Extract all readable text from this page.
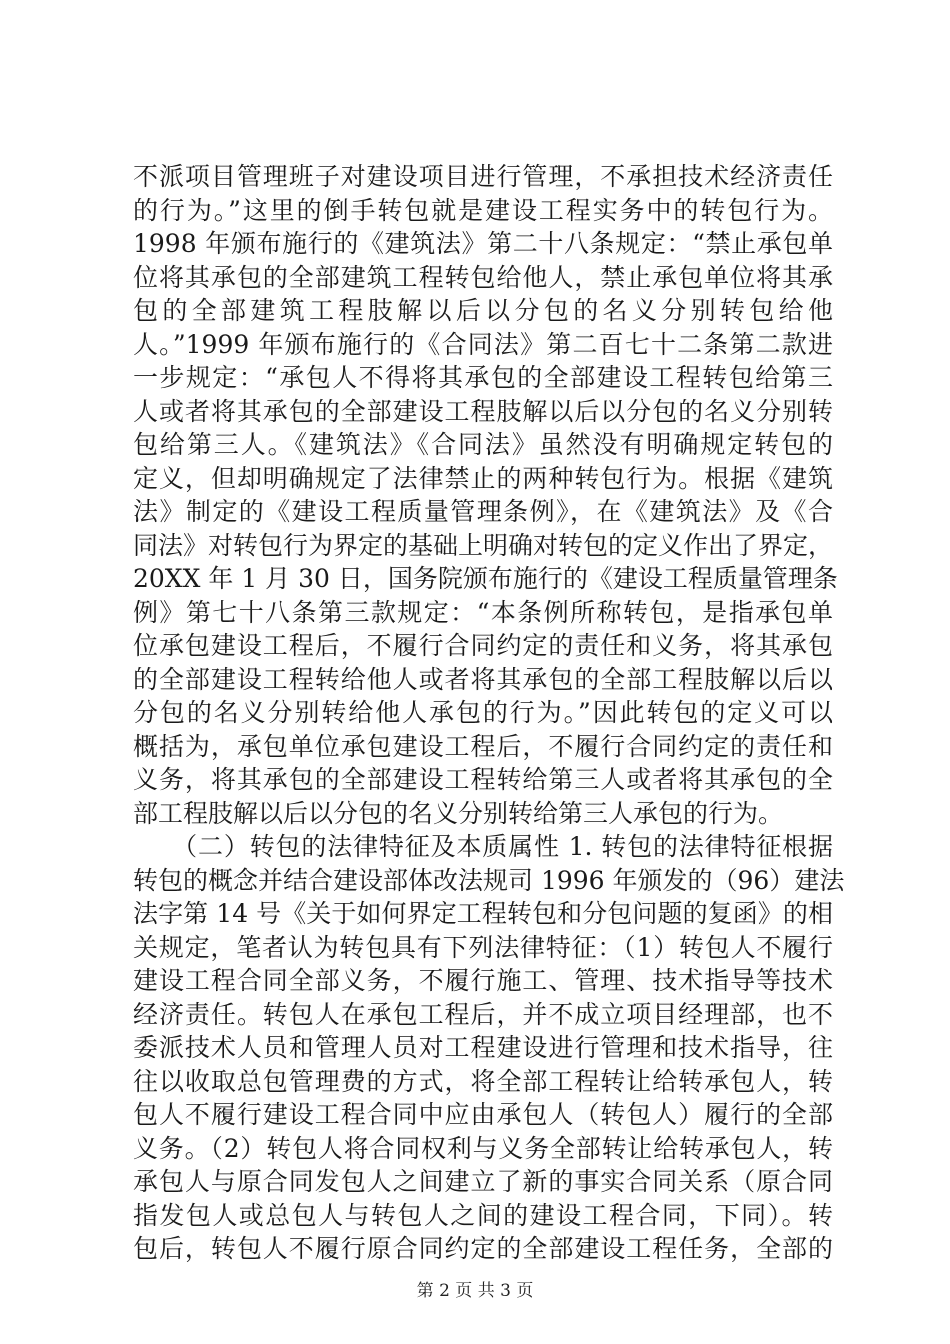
不派项目管理班子对建设项目进行管理，不承担技术经济责任
的行为。”这里的倒手转包就是建设工程实务中的转包行为。
1998 年颁布施行的《建筑法》第二十八条规定：“禁止承包单
位将其承包的全部建筑工程转包给他人，禁止承包单位将其承
包的全部建筑工程肢解以后以分包的名义分别转包给他
人。”1999 年颁布施行的《合同法》第二百七十二条第二款进
一步规定：“承包人不得将其承包的全部建设工程转包给第三
人或者将其承包的全部建设工程肢解以后以分包的名义分别转
包给第三人。《建筑法》《合同法》虽然没有明确规定转包的
定义，但却明确规定了法律禁止的两种转包行为。根据《建筑
法》制定的《建设工程质量管理条例》，在《建筑法》及《合
同法》对转包行为界定的基础上明确对转包的定义作出了界定，
20XX 年 1 月 30 日，国务院颁布施行的《建设工程质量管理条
例》第七十八条第三款规定：“本条例所称转包，是指承包单
位承包建设工程后，不履行合同约定的责任和义务，将其承包
的全部建设工程转给他人或者将其承包的全部工程肢解以后以
分包的名义分别转给他人承包的行为。”因此转包的定义可以
概括为，承包单位承包建设工程后，不履行合同约定的责任和
义务，将其承包的全部建设工程转给第三人或者将其承包的全
部工程肢解以后以分包的名义分别转给第三人承包的行为。
　　（二）转包的法律特征及本质属性 1. 转包的法律特征根据
转包的概念并结合建设部体改法规司 1996 年颁发的（96）建法
法字第 14 号《关于如何界定工程转包和分包问题的复函》的相
关规定，笔者认为转包具有下列法律特征：（1）转包人不履行
建设工程合同全部义务，不履行施工、管理、技术指导等技术
经济责任。转包人在承包工程后，并不成立项目经理部，也不
委派技术人员和管理人员对工程建设进行管理和技术指导，往
往以收取总包管理费的方式，将全部工程转让给转承包人，转
包人不履行建设工程合同中应由承包人（转包人）履行的全部
义务。（2）转包人将合同权利与义务全部转让给转承包人，转
承包人与原合同发包人之间建立了新的事实合同关系（原合同
指发包人或总包人与转包人之间的建设工程合同，下同）。转
包后，转包人不履行原合同约定的全部建设工程任务，全部的
第 2 页 共 3 页
